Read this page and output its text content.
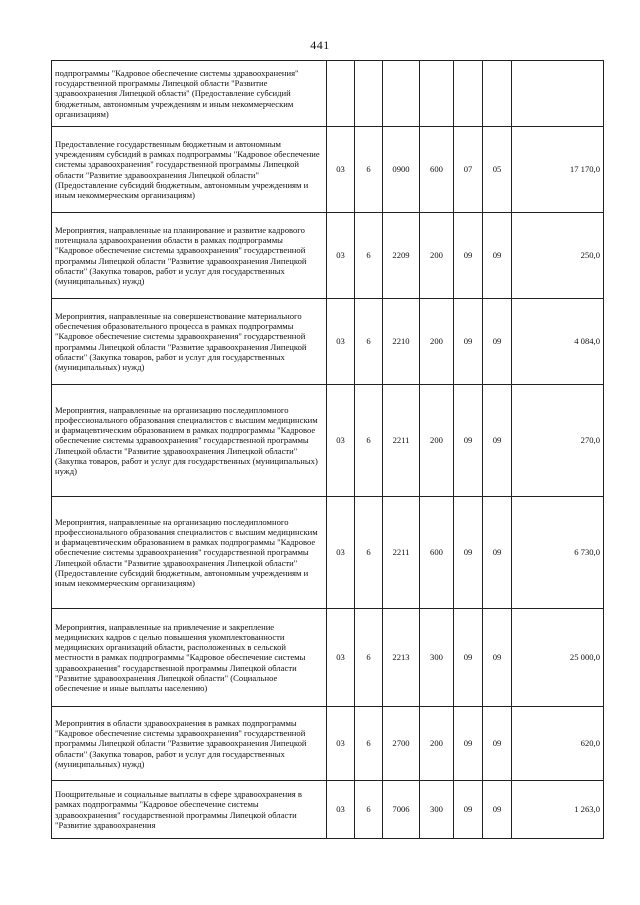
441
подпрограммы "Кадровое обеспечение системы здравоохранения" государственной программы Липецкой области "Развитие здравоохранения Липецкой области" (Предоставление субсидий бюджетным, автономным учреждениям и иным некоммерческим организациям)							
Предоставление государственным бюджетным и автономным учреждениям субсидий в рамках подпрограммы "Кадровое обеспечение системы здравоохранения" государственной программы Липецкой области "Развитие здравоохранения Липецкой области" (Предоставление субсидий бюджетным, автономным учреждениям и иным некоммерческим организациям)	03	6	0900	600	07	05	17 170,0
Мероприятия, направленные на планирование и развитие кадрового потенциала здравоохранения области в рамках подпрограммы "Кадровое обеспечение системы здравоохранения" государственной программы Липецкой области "Развитие здравоохранения Липецкой области" (Закупка товаров, работ и услуг для государственных (муниципальных) нужд)	03	6	2209	200	09	09	250,0
Мероприятия, направленные на совершенствование материального обеспечения образовательного процесса в рамках подпрограммы "Кадровое обеспечение системы здравоохранения" государственной программы Липецкой области "Развитие здравоохранения Липецкой области" (Закупка товаров, работ и услуг для государственных (муниципальных) нужд)	03	6	2210	200	09	09	4 084,0
Мероприятия, направленные на организацию последипломного профессионального образования специалистов с высшим медицинским и фармацевтическим образованием в рамках подпрограммы "Кадровое обеспечение системы здравоохранения" государственной программы Липецкой области "Развитие здравоохранения Липецкой области" (Закупка товаров, работ и услуг для государственных (муниципальных) нужд)	03	6	2211	200	09	09	270,0
Мероприятия, направленные на организацию последипломного профессионального образования специалистов с высшим медицинским и фармацевтическим образованием в рамках подпрограммы "Кадровое обеспечение системы здравоохранения" государственной программы Липецкой области "Развитие здравоохранения Липецкой области" (Предоставление субсидий бюджетным, автономным учреждениям и иным некоммерческим организациям)	03	6	2211	600	09	09	6 730,0
Мероприятия, направленные на привлечение и закрепление медицинских кадров с целью повышения укомплектованности медицинских организаций области, расположенных в сельской местности в рамках подпрограммы "Кадровое обеспечение системы здравоохранения" государственной программы Липецкой области "Развитие здравоохранения Липецкой области" (Социальное обеспечение и иные выплаты населению)	03	6	2213	300	09	09	25 000,0
Мероприятия в области здравоохранения в рамках подпрограммы "Кадровое обеспечение системы здравоохранения" государственной программы Липецкой области "Развитие здравоохранения Липецкой области" (Закупка товаров, работ и услуг для государственных (муниципальных) нужд)	03	6	2700	200	09	09	620,0
Поощрительные и социальные выплаты в сфере здравоохранения в рамках подпрограммы "Кадровое обеспечение системы здравоохранения" государственной программы Липецкой области "Развитие здравоохранения	03	6	7006	300	09	09	1 263,0
